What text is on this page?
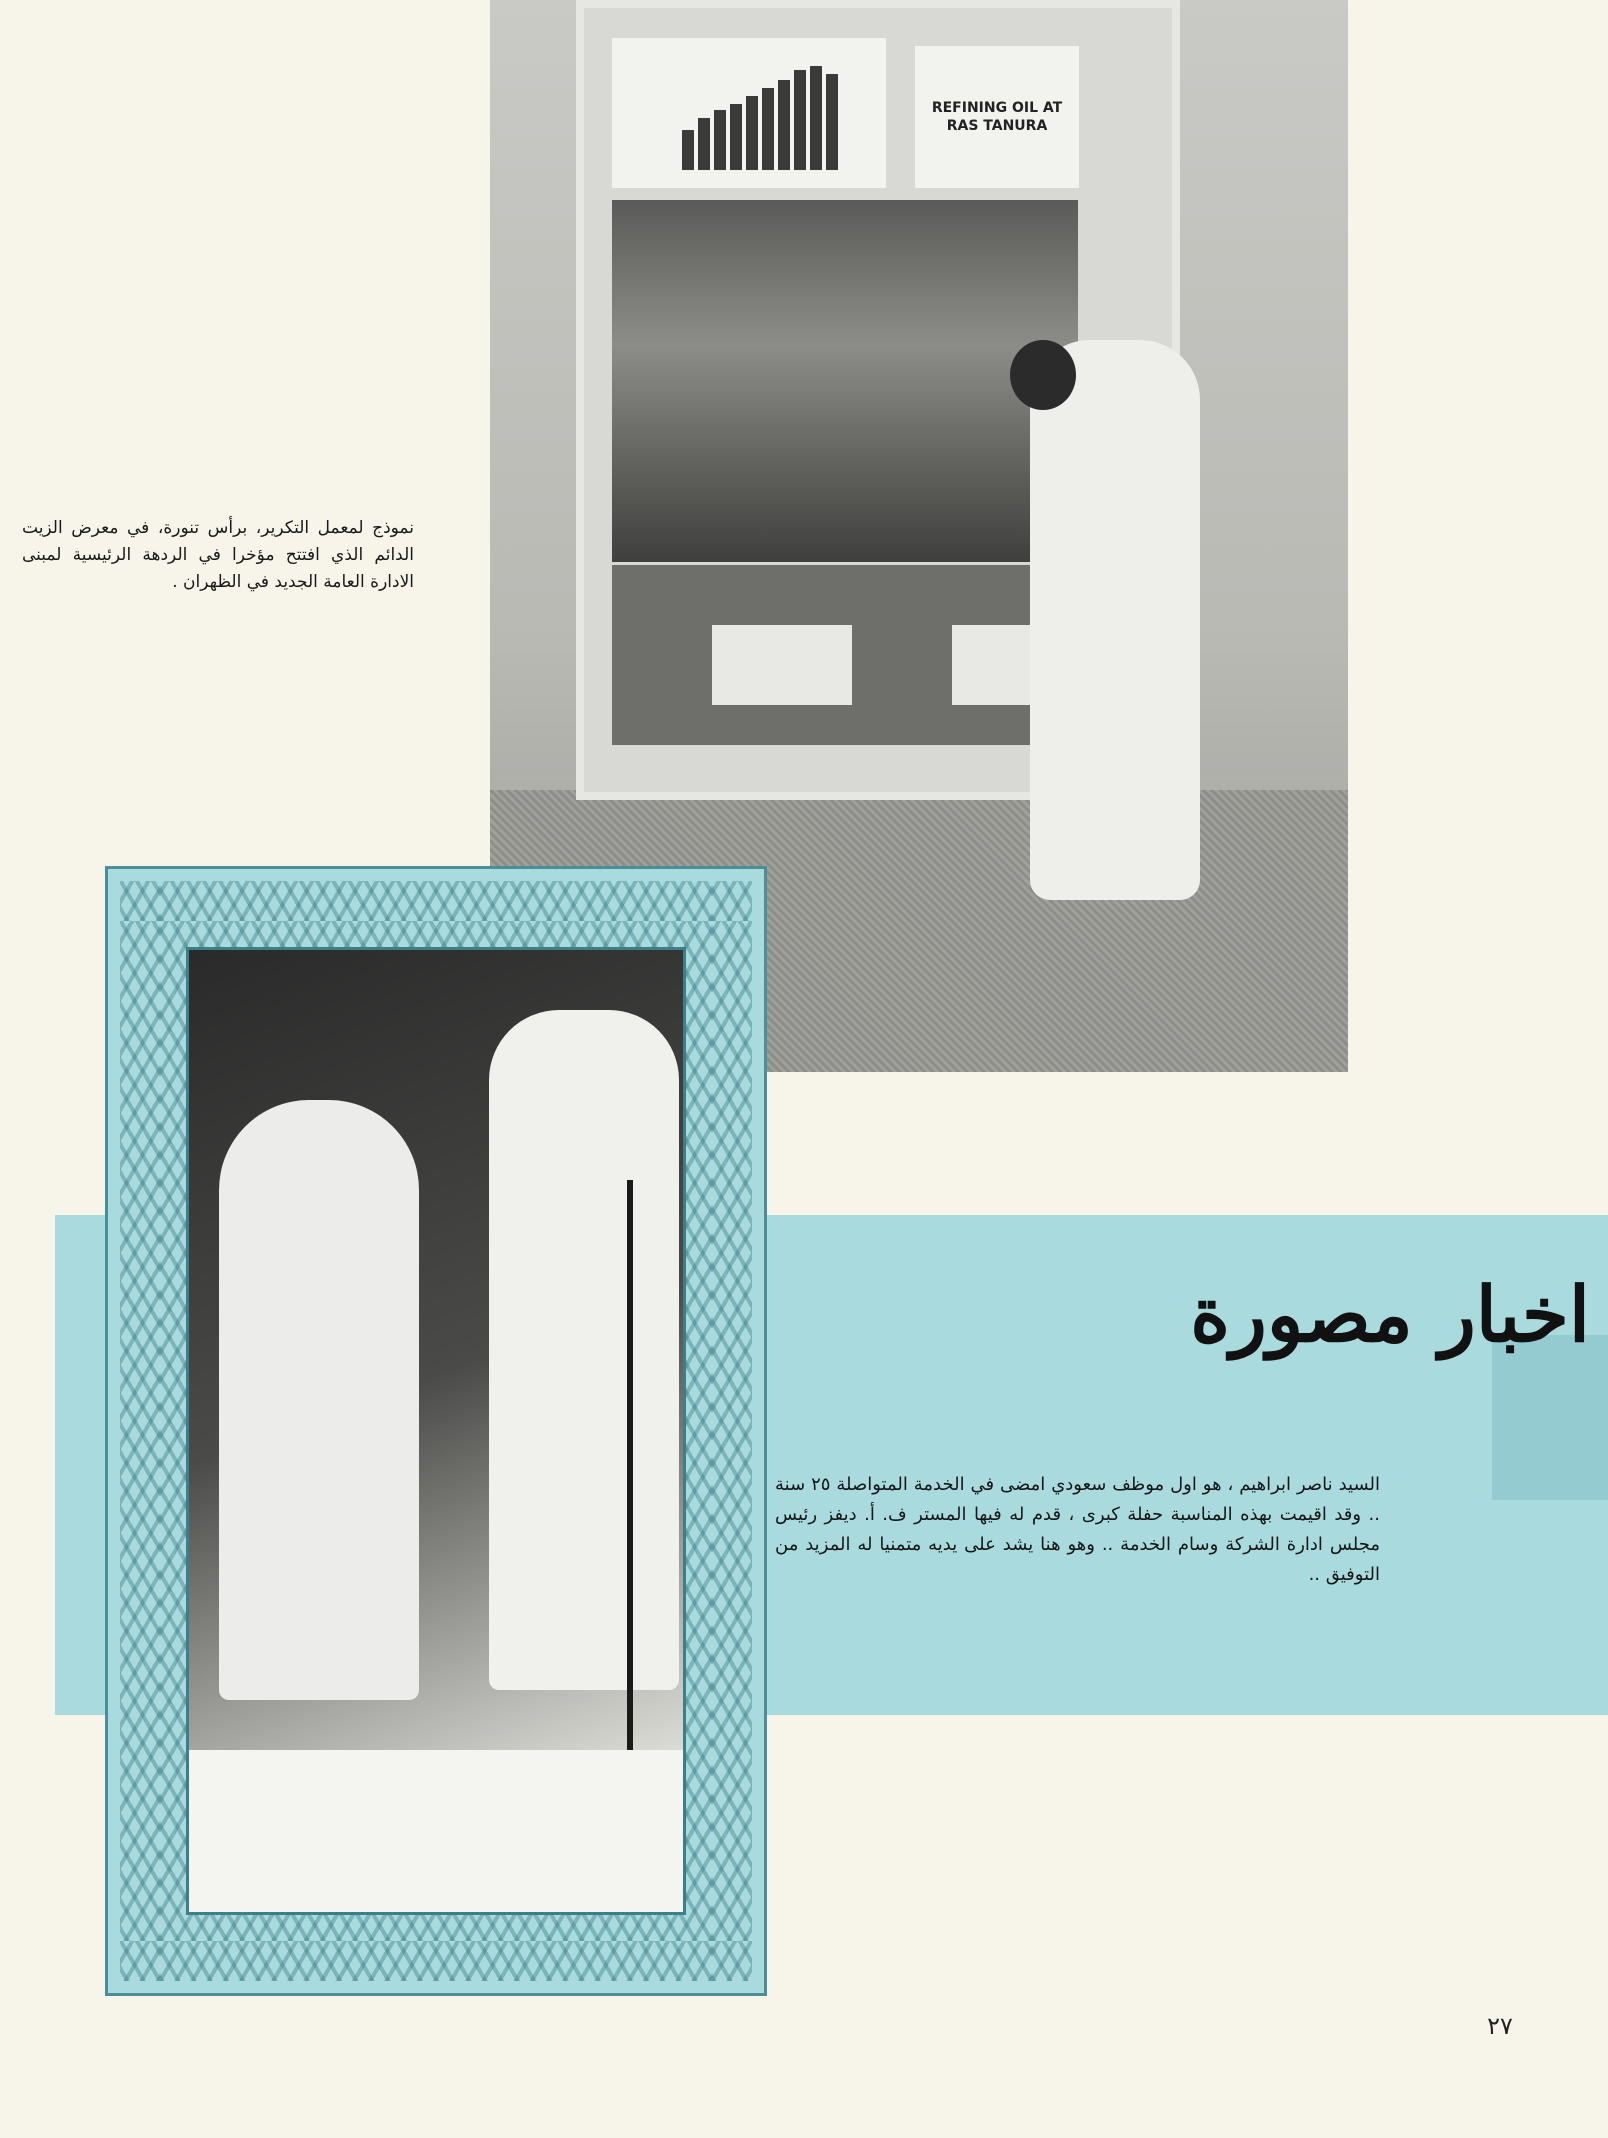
REFINING OIL AT RAS TANURA
نموذج لمعمل التكرير، برأس تنورة، في معرض الزيت الدائم الذي افتتح مؤخرا في الردهة الرئيسية لمبنى الادارة العامة الجديد في الظهران .
اخبار مصورة
السيد ناصر ابراهيم ، هو اول موظف سعودي امضى في الخدمة المتواصلة ٢٥ سنة .. وقد اقيمت بهذه المناسبة حفلة كبرى ، قدم له فيها المستر ف. أ. ديفز رئيس مجلس ادارة الشركة وسام الخدمة .. وهو هنا يشد على يديه متمنيا له المزيد من التوفيق ..
٢٧
